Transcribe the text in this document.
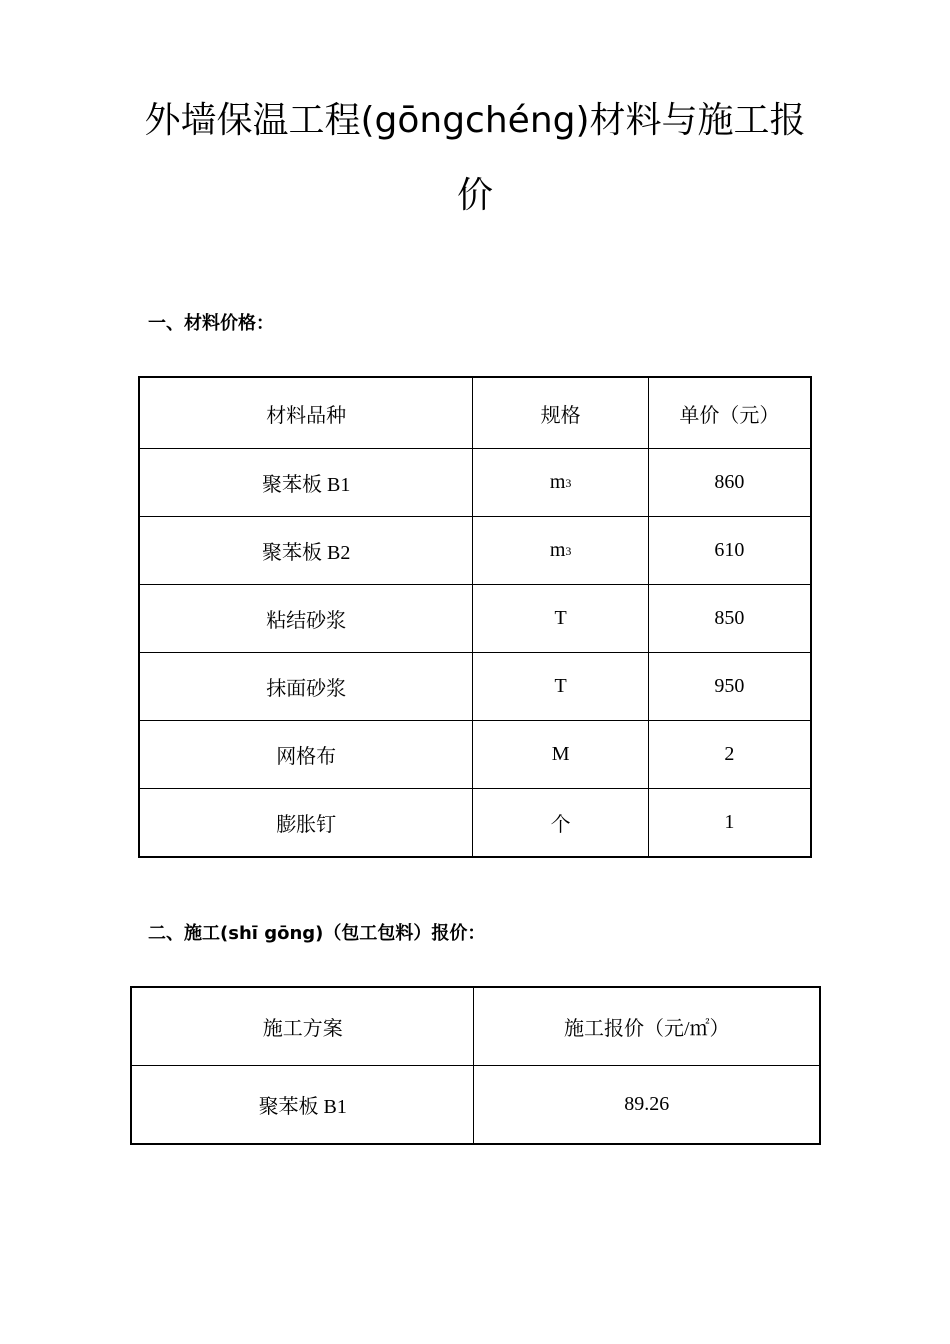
外墙保温工程(gōngchéng)材料与施工报
价

一、材料价格：

材料品种	规格	单价（元）
聚苯板 B1	m3	860
聚苯板 B2	m3	610
粘结砂浆	T	850
抹面砂浆	T	950
网格布	M	2
膨胀钉	个	1

二、施工(shī gōng)（包工包料）报价：

施工方案	施工报价（元/㎡）
聚苯板 B1	89.26
